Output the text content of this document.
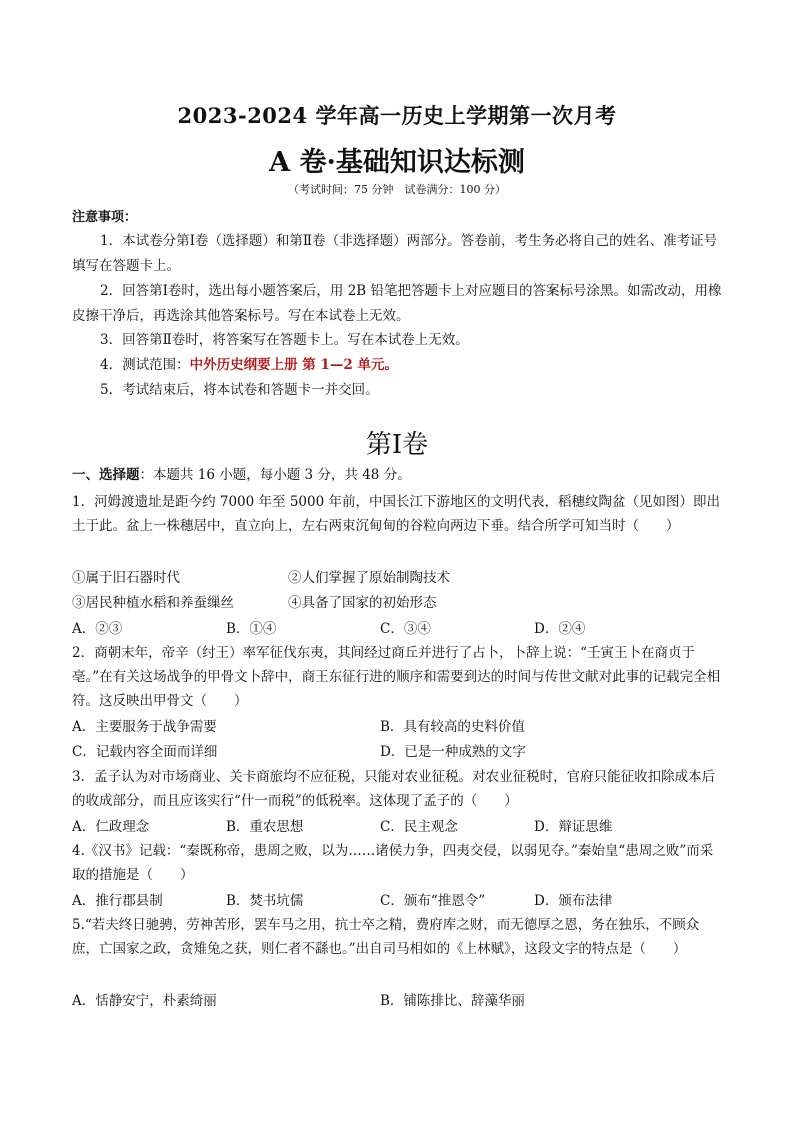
2023-2024 学年高一历史上学期第一次月考
A 卷·基础知识达标测
（考试时间：75 分钟　试卷满分：100 分）
注意事项：
1．本试卷分第Ⅰ卷（选择题）和第Ⅱ卷（非选择题）两部分。答卷前，考生务必将自己的姓名、准考证号填写在答题卡上。
2．回答第Ⅰ卷时，选出每小题答案后，用 2B 铅笔把答题卡上对应题目的答案标号涂黑。如需改动，用橡皮擦干净后，再选涂其他答案标号。写在本试卷上无效。
3．回答第Ⅱ卷时，将答案写在答题卡上。写在本试卷上无效。
4．测试范围：中外历史纲要上册 第 1—2 单元。
5．考试结束后，将本试卷和答题卡一并交回。
第Ⅰ卷
一、选择题：本题共 16 小题，每小题 3 分，共 48 分。
1．河姆渡遗址是距今约 7000 年至 5000 年前，中国长江下游地区的文明代表，稻穗纹陶盆（见如图）即出土于此。盆上一株穗居中，直立向上，左右两束沉甸甸的谷粒向两边下垂。结合所学可知当时（　　）
①属于旧石器时代	②人们掌握了原始制陶技术
③居民种植水稻和养蚕缫丝	④具备了国家的初始形态
A．②③	B．①④	C．③④	D．②④
2．商朝末年，帝辛（纣王）率军征伐东夷，其间经过商丘并进行了占卜，卜辞上说：“壬寅王卜在商贞于亳。”在有关这场战争的甲骨文卜辞中，商王东征行进的顺序和需要到达的时间与传世文献对此事的记载完全相符。这反映出甲骨文（　　）
A．主要服务于战争需要	B．具有较高的史料价值
C．记载内容全面而详细	D．已是一种成熟的文字
3．孟子认为对市场商业、关卡商旅均不应征税，只能对农业征税。对农业征税时，官府只能征收扣除成本后的收成部分，而且应该实行“什一而税”的低税率。这体现了孟子的（　　）
A．仁政理念	B．重农思想	C．民主观念	D．辩证思维
4.《汉书》记载：“秦既称帝，患周之败，以为……诸侯力争，四夷交侵，以弱见夺。”秦始皇“患周之败”而采取的措施是（　　）
A．推行郡县制	B．焚书坑儒	C．颁布“推恩令”	D．颁布法律
5.“若夫终日驰骋，劳神苦形，罢车马之用，抗士卒之精，费府库之财，而无德厚之恩，务在独乐，不顾众庶，亡国家之政，贪雉兔之获，则仁者不繇也。”出自司马相如的《上林赋》，这段文字的特点是（　　）
A．恬静安宁，朴素绮丽	B．铺陈排比、辞藻华丽
